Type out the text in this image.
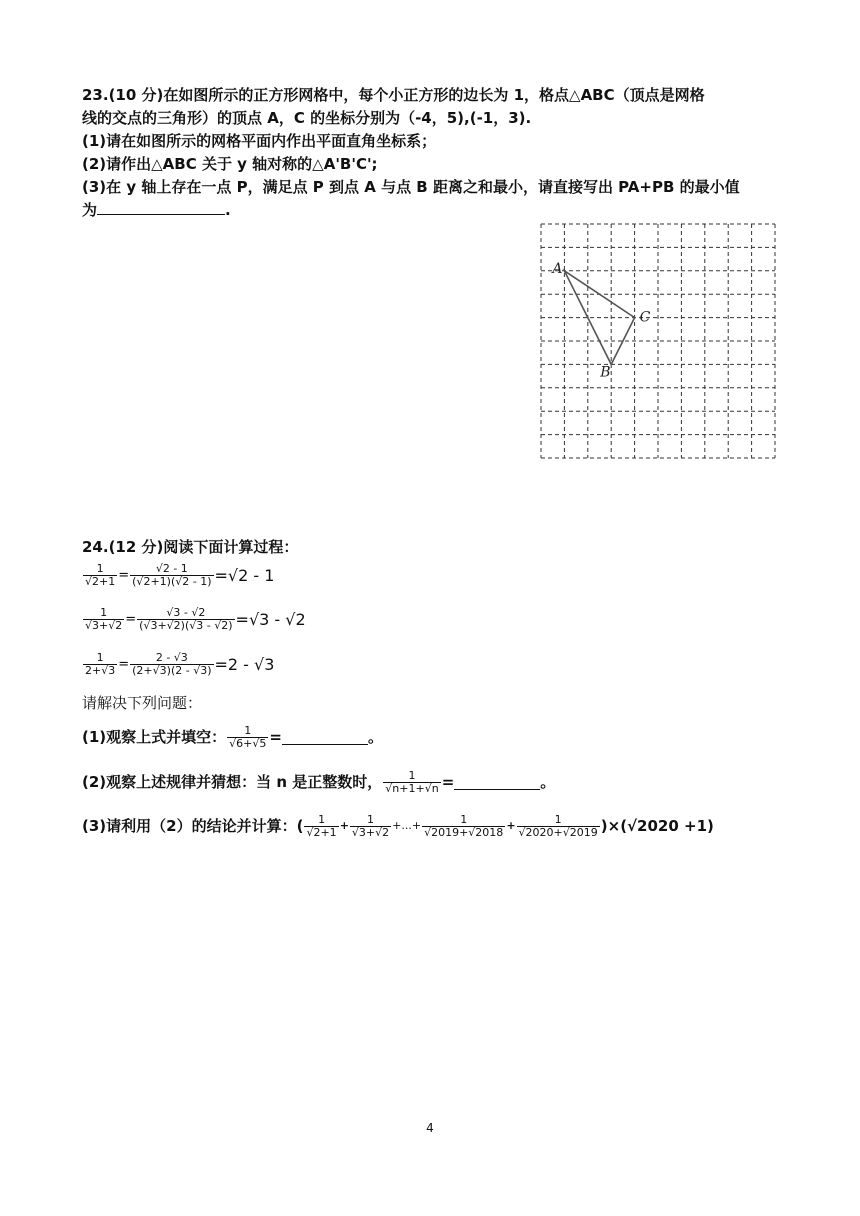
23.(10 分)在如图所示的正方形网格中，每个小正方形的边长为 1，格点△ABC（顶点是网格
线的交点的三角形）的顶点 A，C 的坐标分别为（-4，5),(-1，3).
(1)请在如图所示的网格平面内作出平面直角坐标系；
(2)请作出△ABC 关于 y 轴对称的△A'B'C';
(3)在 y 轴上存在一点 P，满足点 P 到点 A 与点 B 距离之和最小，请直接写出 PA+PB 的最小值
为	.
A
C
B
24.(12 分)阅读下面计算过程：
$\frac{1}{√2+1} = \frac{√2 - 1}{(√2+1)(√2 - 1)} =√2 - 1$
$\frac{1}{√3+√2} = \frac{√3 - √2}{(√3+√2)(√3 - √2)} =√3 - √2$
$\frac{1}{2+√3} = \frac{2 - √3}{(2+√3)(2 - √3)} =2 - √3$
请解决下列问题：
(1)观察上式并填空： $\frac{1}{√6+√5}$ =	。
(2)观察上述规律并猜想：当 n 是正整数时， $\frac{1}{√n+1+√n}$ =	。
(3)请利用（2）的结论并计算：( $\frac{1}{√2+1} + \frac{1}{√3+√2}$ +...+ $\frac{1}{√2019+√2018} + \frac{1}{√2020+√2019} )\times(√2020 +1)$
4
